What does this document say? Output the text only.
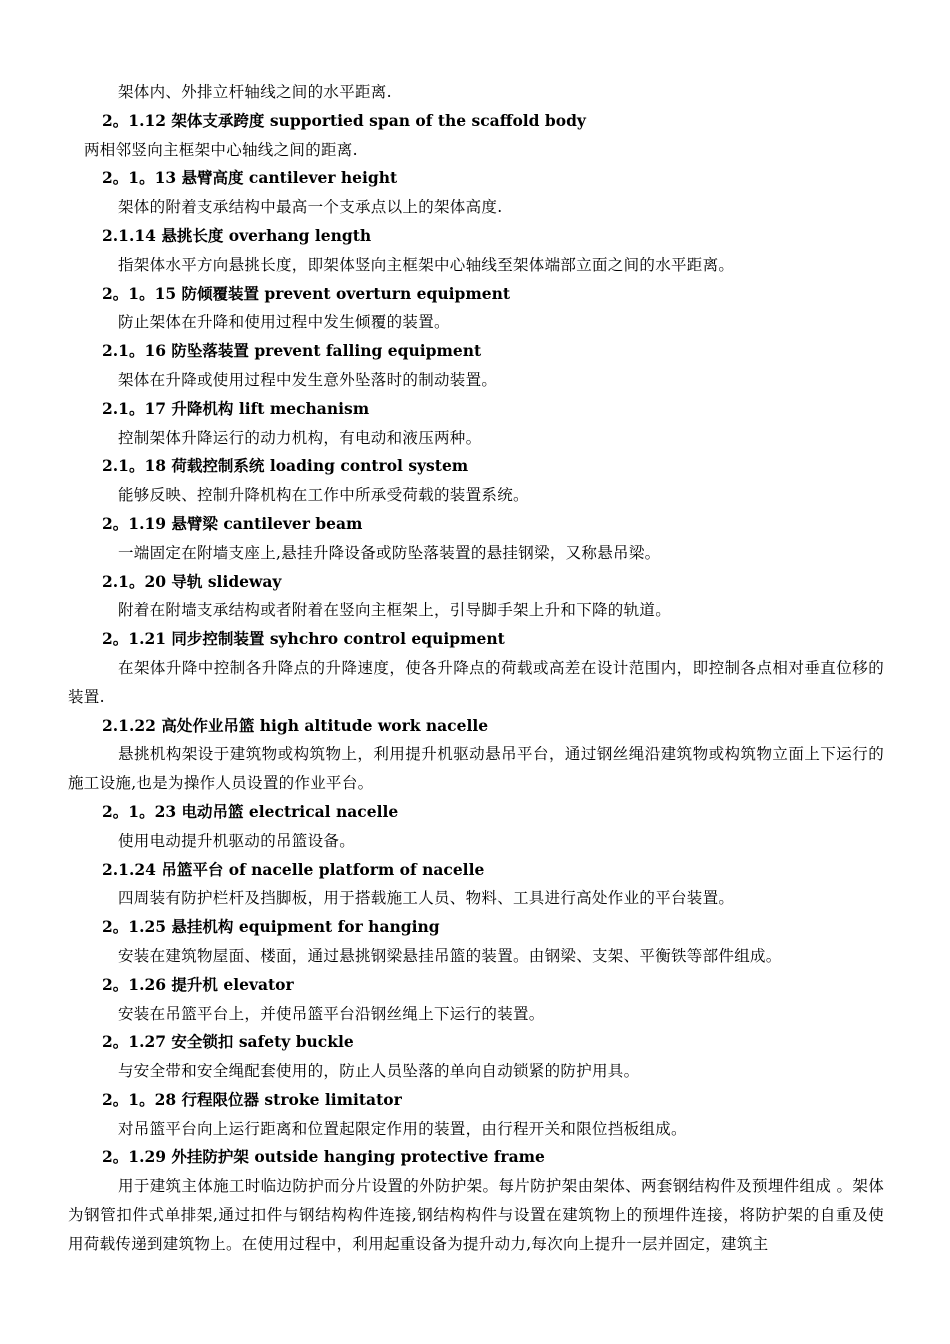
架体内、外排立杆轴线之间的水平距离.
2。1.12 架体支承跨度 supportied span of the scaffold body
两相邻竖向主框架中心轴线之间的距离.
2。1。13 悬臂高度 cantilever height
架体的附着支承结构中最高一个支承点以上的架体高度.
2.1.14 悬挑长度 overhang length
指架体水平方向悬挑长度，即架体竖向主框架中心轴线至架体端部立面之间的水平距离。
2。1。15 防倾覆装置 prevent overturn equipment
防止架体在升降和使用过程中发生倾覆的装置。
2.1。16 防坠落装置 prevent falling equipment
架体在升降或使用过程中发生意外坠落时的制动装置。
2.1。17 升降机构 lift mechanism
控制架体升降运行的动力机构，有电动和液压两种。
2.1。18 荷载控制系统 loading control system
能够反映、控制升降机构在工作中所承受荷载的装置系统。
2。1.19 悬臂梁 cantilever beam
一端固定在附墙支座上,悬挂升降设备或防坠落装置的悬挂钢梁，又称悬吊梁。
2.1。20 导轨 slideway
附着在附墙支承结构或者附着在竖向主框架上，引导脚手架上升和下降的轨道。
2。1.21 同步控制装置 syhchro control equipment
在架体升降中控制各升降点的升降速度，使各升降点的荷载或高差在设计范围内，即控制各点相对垂直位移的装置.
2.1.22 高处作业吊篮 high altitude work nacelle
悬挑机构架设于建筑物或构筑物上，利用提升机驱动悬吊平台，通过钢丝绳沿建筑物或构筑物立面上下运行的施工设施,也是为操作人员设置的作业平台。
2。1。23 电动吊篮 electrical nacelle
使用电动提升机驱动的吊篮设备。
2.1.24 吊篮平台 of nacelle platform of nacelle
四周装有防护栏杆及挡脚板，用于搭载施工人员、物料、工具进行高处作业的平台装置。
2。1.25 悬挂机构 equipment for hanging
安装在建筑物屋面、楼面，通过悬挑钢梁悬挂吊篮的装置。由钢梁、支架、平衡铁等部件组成。
2。1.26 提升机 elevator
安装在吊篮平台上，并使吊篮平台沿钢丝绳上下运行的装置。
2。1.27 安全锁扣 safety buckle
与安全带和安全绳配套使用的，防止人员坠落的单向自动锁紧的防护用具。
2。1。28 行程限位器 stroke limitator
对吊篮平台向上运行距离和位置起限定作用的装置，由行程开关和限位挡板组成。
2。1.29 外挂防护架 outside hanging protective frame
用于建筑主体施工时临边防护而分片设置的外防护架。每片防护架由架体、两套钢结构件及预埋件组成 。架体为钢管扣件式单排架,通过扣件与钢结构构件连接,钢结构构件与设置在建筑物上的预埋件连接，将防护架的自重及使用荷载传递到建筑物上。在使用过程中，利用起重设备为提升动力,每次向上提升一层并固定，建筑主
